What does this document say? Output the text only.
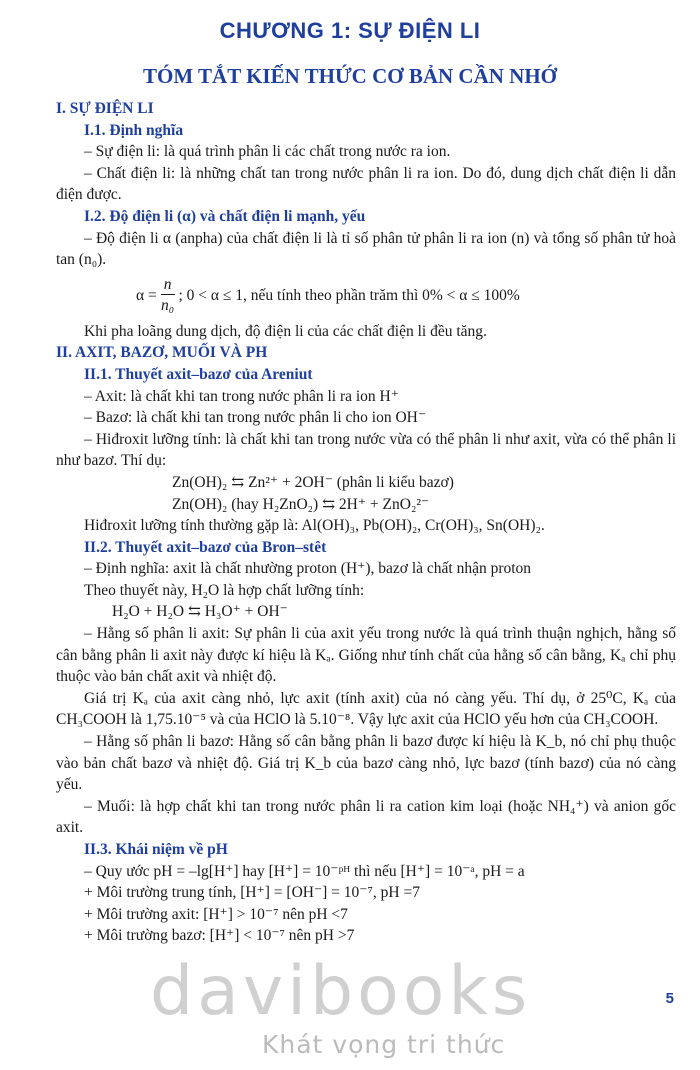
CHƯƠNG 1: SỰ ĐIỆN LI
TÓM TẮT KIẾN THỨC CƠ BẢN CẦN NHỚ

I. SỰ ĐIỆN LI

I.1. Định nghĩa

– Sự điện li: là quá trình phân li các chất trong nước ra ion.

– Chất điện li: là những chất tan trong nước phân li ra ion. Do đó, dung dịch chất điện li dẫn điện được.

I.2. Độ điện li (α) và chất điện li mạnh, yếu

– Độ điện li α (anpha) của chất điện li là tỉ số phân tử phân li ra ion (n) và tổng số phân tử hoà tan (n₀).

$\alpha = \frac{n}{\text{n₀}}$ ; 0 < α ≤ 1, nếu tính theo phần trăm thì 0% < α ≤ 100%

Khi pha loãng dung dịch, độ điện li của các chất điện li đều tăng.

II. AXIT, BAZƠ, MUỐI VÀ PH

II.1. Thuyết axit–bazơ của Areniut

– Axit: là chất khi tan trong nước phân li ra ion H⁺

– Bazơ: là chất khi tan trong nước phân li cho ion OH⁻

– Hiđroxit lưỡng tính: là chất khi tan trong nước vừa có thể phân li như axit, vừa có thể phân li như bazơ. Thí dụ:

Zn(OH)₂ ⇆ Zn²⁺ + 2OH⁻ (phân li kiểu bazơ)

Zn(OH)₂ (hay H₂ZnO₂) ⇆ 2H⁺ + ZnO₂²⁻

Hiđroxit lưỡng tính thường gặp là: Al(OH)₃, Pb(OH)₂, Cr(OH)₃, Sn(OH)₂.

II.2. Thuyết axit–bazơ của Bron–stêt

– Định nghĩa: axit là chất nhường proton (H⁺), bazơ là chất nhận proton

Theo thuyết này, H₂O là hợp chất lưỡng tính:

H₂O + H₂O ⇆ H₃O⁺ + OH⁻

– Hằng số phân li axit: Sự phân li của axit yếu trong nước là quá trình thuận nghịch, hằng số cân bằng phân li axit này được kí hiệu là Kₐ. Giống như tính chất của hằng số cân bằng, Kₐ chỉ phụ thuộc vào bản chất axit và nhiệt độ.

Giá trị Kₐ của axit càng nhỏ, lực axit (tính axit) của nó càng yếu. Thí dụ, ở 25⁰C, Kₐ của CH₃COOH là 1,75.10⁻⁵ và của HClO là 5.10⁻⁸. Vậy lực axit của HClO yếu hơn của CH₃COOH.

– Hằng số phân li bazơ: Hằng số cân bằng phân li bazơ được kí hiệu là K_b, nó chỉ phụ thuộc vào bản chất bazơ và nhiệt độ. Giá trị K_b của bazơ càng nhỏ, lực bazơ (tính bazơ) của nó càng yếu.

– Muối: là hợp chất khi tan trong nước phân li ra cation kim loại (hoặc NH₄⁺) và anion gốc axit.

II.3. Khái niệm về pH

– Quy ước pH = –lg[H⁺] hay [H⁺] = 10⁻ᵖᴴ thì nếu [H⁺] = 10⁻ᵃ, pH = a

+ Môi trường trung tính, [H⁺] = [OH⁻] = 10⁻⁷, pH =7

+ Môi trường axit: [H⁺] > 10⁻⁷ nên pH <7

+ Môi trường bazơ: [H⁺] < 10⁻⁷ nên pH >7

5
davibooks
Khát vọng tri thức
